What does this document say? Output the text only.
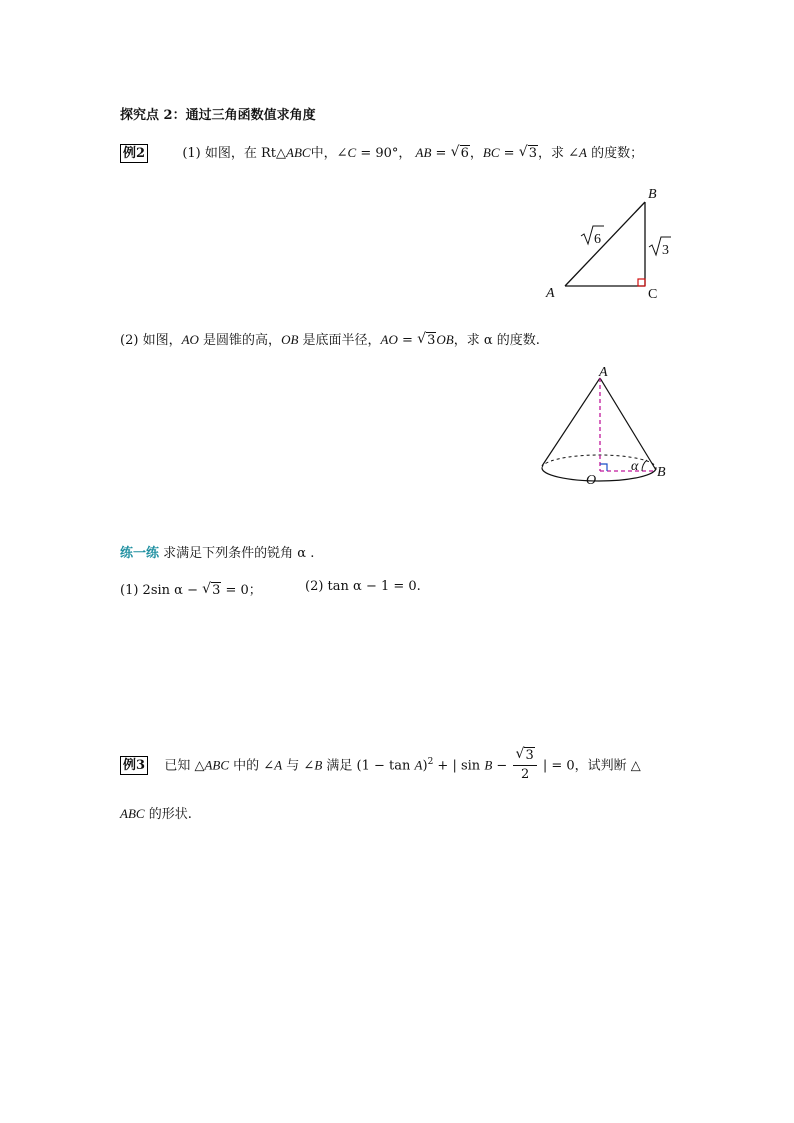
探究点 2：通过三角函数值求角度
例2	(1) 如图，在 Rt△ABC中，∠C = 90°， AB = √ 6，BC = √ 3，求 ∠A 的度数；
B
A	C
6
3
(2) 如图，AO 是圆锥的高，OB 是底面半径，AO = √ 3OB，求 α 的度数.
A
B
O
α
练一练 求满足下列条件的锐角 α .
(1) 2sin α − √ 3 = 0；	(2) tan α − 1 = 0.
例3 已知 △ABC 中的 ∠A 与 ∠B 满足 $(1 - \tan A)^2$ + | $\sin B - \frac{√ 3}{2}$ | = 0，试判断 △
ABC 的形状.
